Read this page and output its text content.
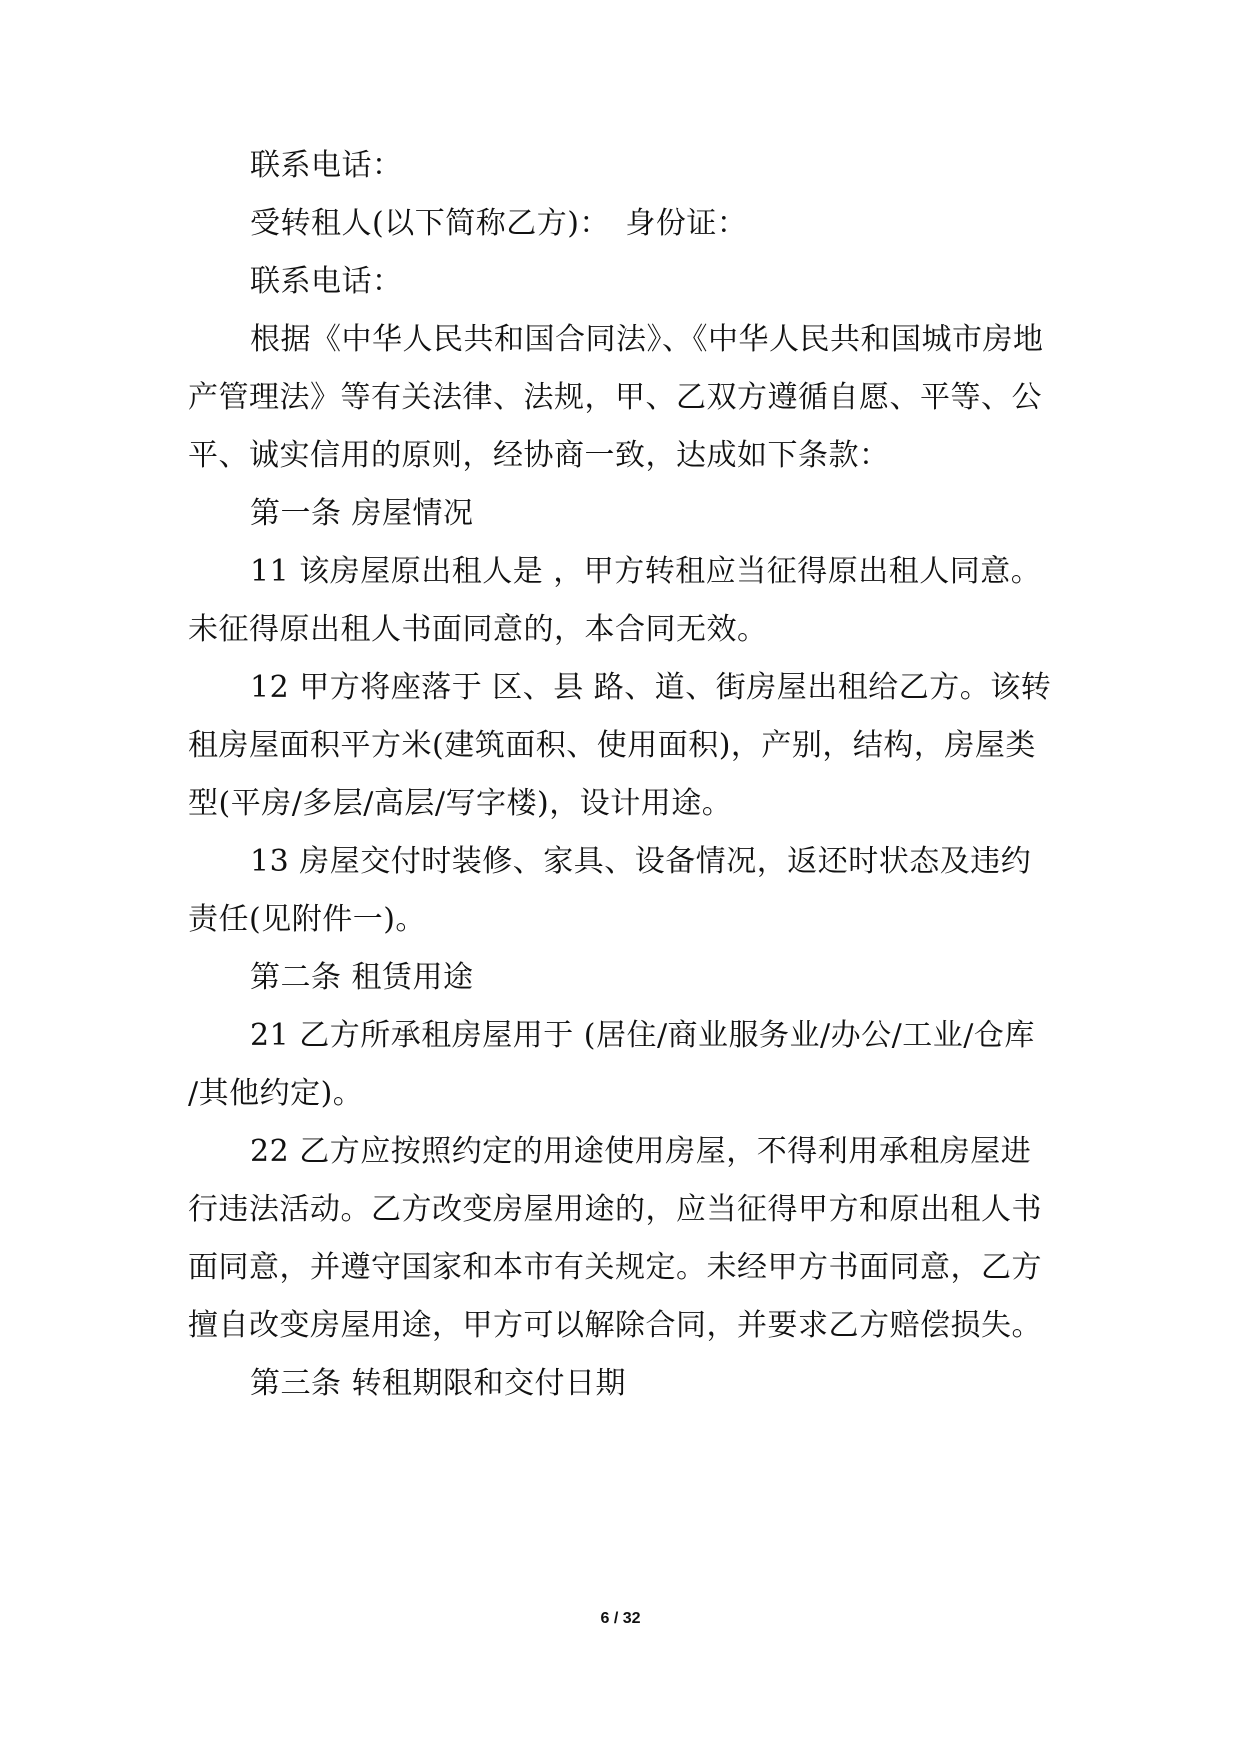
联系电话：
受转租人(以下简称乙方)：　身份证：
联系电话：
根据《中华人民共和国合同法》、《中华人民共和国城市房地
产管理法》等有关法律、法规，甲、乙双方遵循自愿、平等、公
平、诚实信用的原则，经协商一致，达成如下条款：
第一条 房屋情况
11 该房屋原出租人是 ，甲方转租应当征得原出租人同意。
未征得原出租人书面同意的，本合同无效。
12 甲方将座落于 区、县 路、道、街房屋出租给乙方。该转
租房屋面积平方米(建筑面积、使用面积)，产别，结构，房屋类
型(平房/多层/高层/写字楼)，设计用途。
13 房屋交付时装修、家具、设备情况，返还时状态及违约
责任(见附件一)。
第二条 租赁用途
21 乙方所承租房屋用于 (居住/商业服务业/办公/工业/仓库
/其他约定)。
22 乙方应按照约定的用途使用房屋，不得利用承租房屋进
行违法活动。乙方改变房屋用途的，应当征得甲方和原出租人书
面同意，并遵守国家和本市有关规定。未经甲方书面同意，乙方
擅自改变房屋用途，甲方可以解除合同，并要求乙方赔偿损失。
第三条 转租期限和交付日期
6 / 32
